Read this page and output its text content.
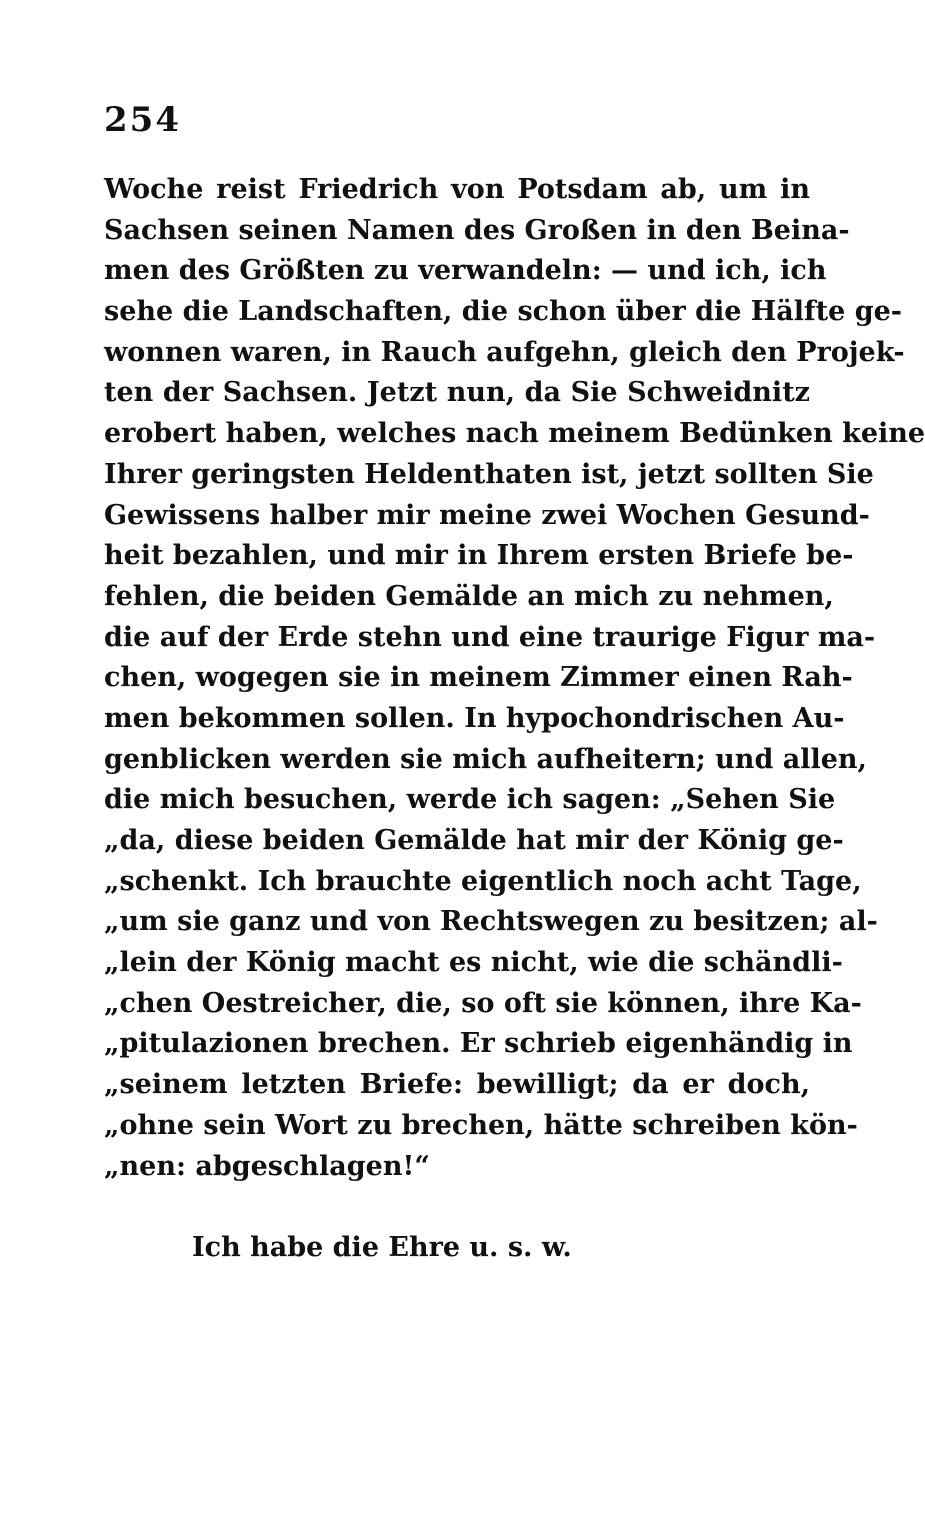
254
Woche reist Friedrich von Potsdam ab, um in
Sachsen seinen Namen des Großen in den Beina-
men des Größten zu verwandeln: — und ich, ich
sehe die Landschaften, die schon über die Hälfte ge-
wonnen waren, in Rauch aufgehn, gleich den Projek-
ten der Sachsen. Jetzt nun, da Sie Schweidnitz
erobert haben, welches nach meinem Bedünken keine
Ihrer geringsten Heldenthaten ist, jetzt sollten Sie
Gewissens halber mir meine zwei Wochen Gesund-
heit bezahlen, und mir in Ihrem ersten Briefe be-
fehlen, die beiden Gemälde an mich zu nehmen,
die auf der Erde stehn und eine traurige Figur ma-
chen, wogegen sie in meinem Zimmer einen Rah-
men bekommen sollen. In hypochondrischen Au-
genblicken werden sie mich aufheitern; und allen,
die mich besuchen, werde ich sagen: „Sehen Sie
„da, diese beiden Gemälde hat mir der König ge-
„schenkt. Ich brauchte eigentlich noch acht Tage,
„um sie ganz und von Rechtswegen zu besitzen; al-
„lein der König macht es nicht, wie die schändli-
„chen Oestreicher, die, so oft sie können, ihre Ka-
„pitulazionen brechen. Er schrieb eigenhändig in
„seinem letzten Briefe: bewilligt; da er doch,
„ohne sein Wort zu brechen, hätte schreiben kön-
„nen: abgeschlagen!“
Ich habe die Ehre u. s. w.
